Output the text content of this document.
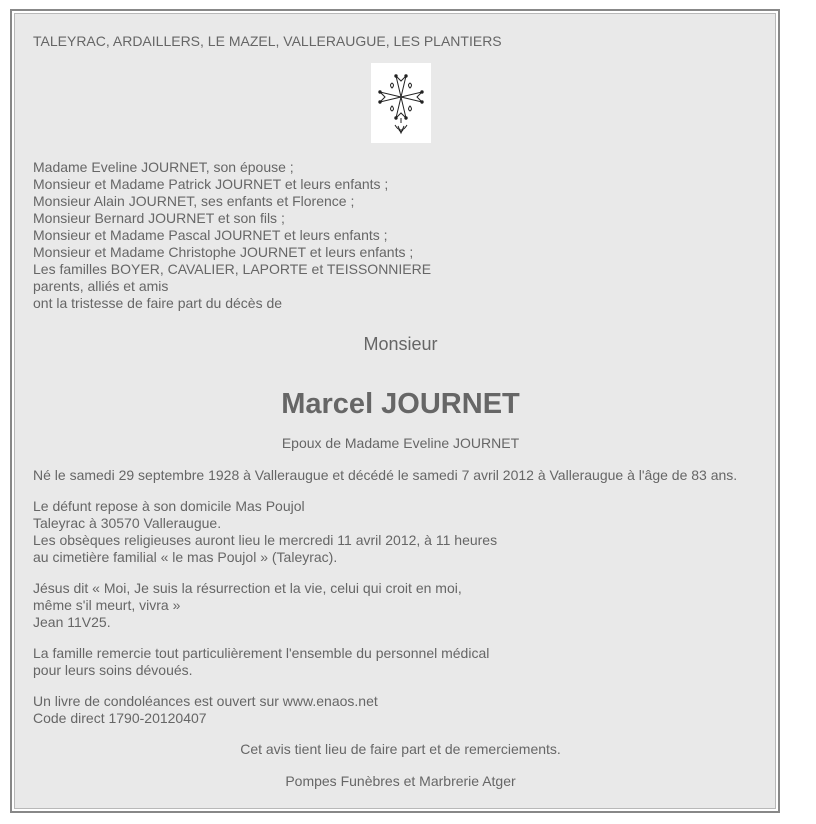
TALEYRAC, ARDAILLERS, LE MAZEL, VALLERAUGUE, LES PLANTIERS
Madame Eveline JOURNET, son épouse ;
Monsieur et Madame Patrick JOURNET et leurs enfants ;
Monsieur Alain JOURNET, ses enfants et Florence ;
Monsieur Bernard JOURNET et son fils ;
Monsieur et Madame Pascal JOURNET et leurs enfants ;
Monsieur et Madame Christophe JOURNET et leurs enfants ;
Les familles BOYER, CAVALIER, LAPORTE et TEISSONNIERE
parents, alliés et amis
ont la tristesse de faire part du décès de
Monsieur
Marcel JOURNET
Epoux de Madame Eveline JOURNET
Né le samedi 29 septembre 1928 à Valleraugue et décédé le samedi 7 avril 2012 à Valleraugue à l'âge de 83 ans.
Le défunt repose à son domicile Mas Poujol
Taleyrac à 30570 Valleraugue.
Les obsèques religieuses auront lieu le mercredi 11 avril 2012, à 11 heures
au cimetière familial « le mas Poujol » (Taleyrac).
Jésus dit « Moi, Je suis la résurrection et la vie, celui qui croit en moi,
même s'il meurt, vivra »
Jean 11V25.
La famille remercie tout particulièrement l'ensemble du personnel médical
pour leurs soins dévoués.
Un livre de condoléances est ouvert sur www.enaos.net
Code direct 1790-20120407
Cet avis tient lieu de faire part et de remerciements.
Pompes Funèbres et Marbrerie Atger
